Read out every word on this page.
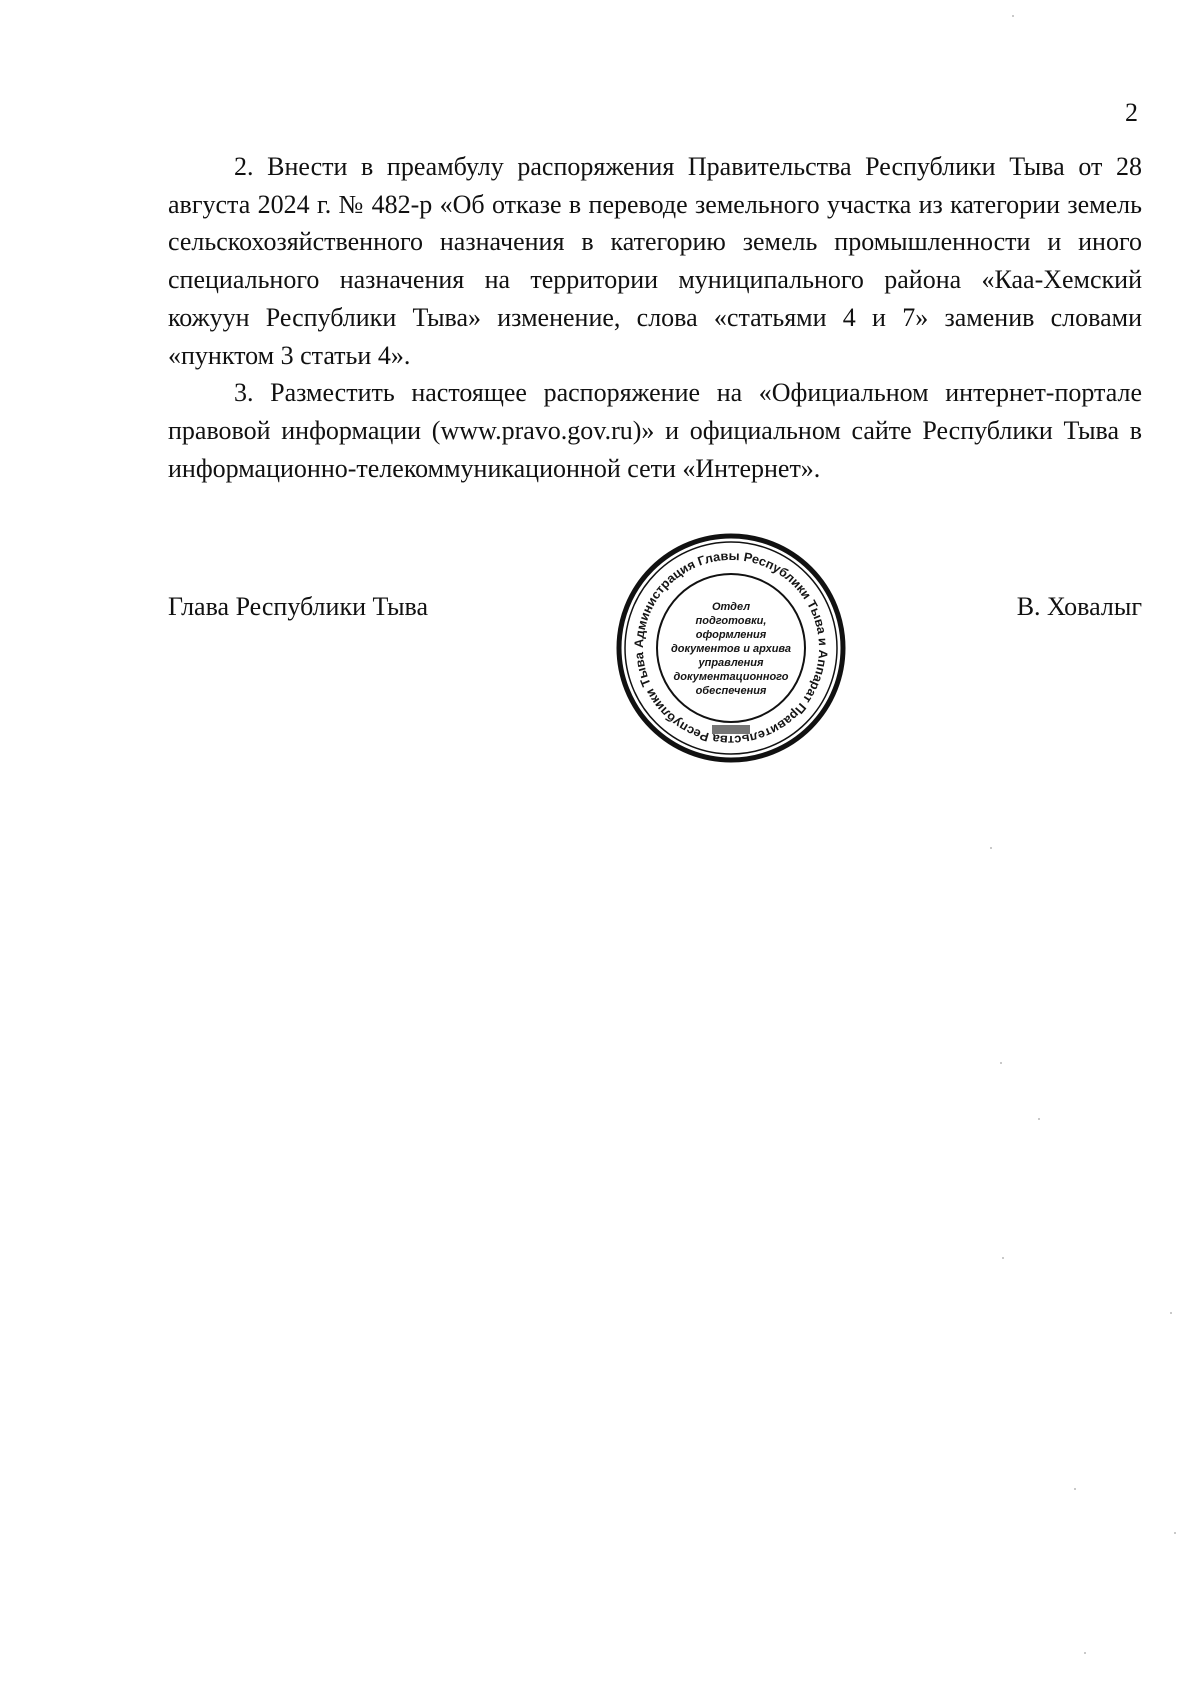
2

2. Внести в преамбулу распоряжения Правительства Республики Тыва от 28 августа 2024 г. № 482-р «Об отказе в переводе земельного участка из категории земель сельскохозяйственного назначения в категорию земель промышленности и иного специального назначения на территории муниципального района «Каа-Хемский кожуун Республики Тыва» изменение, слова «статьями 4 и 7» заменив словами «пунктом 3 статьи 4».

3. Разместить настоящее распоряжение на «Официальном интернет-портале правовой информации (www.pravo.gov.ru)» и официальном сайте Республики Тыва в информационно-телекоммуникационной сети «Интернет».

Глава Республики Тыва	В. Ховалыг
Администрация Главы Республики Тыва и Аппарат Правительства Республики Тыва
Отдел
подготовки,
оформления
документов и архива
управления
документационного
обеспечения
